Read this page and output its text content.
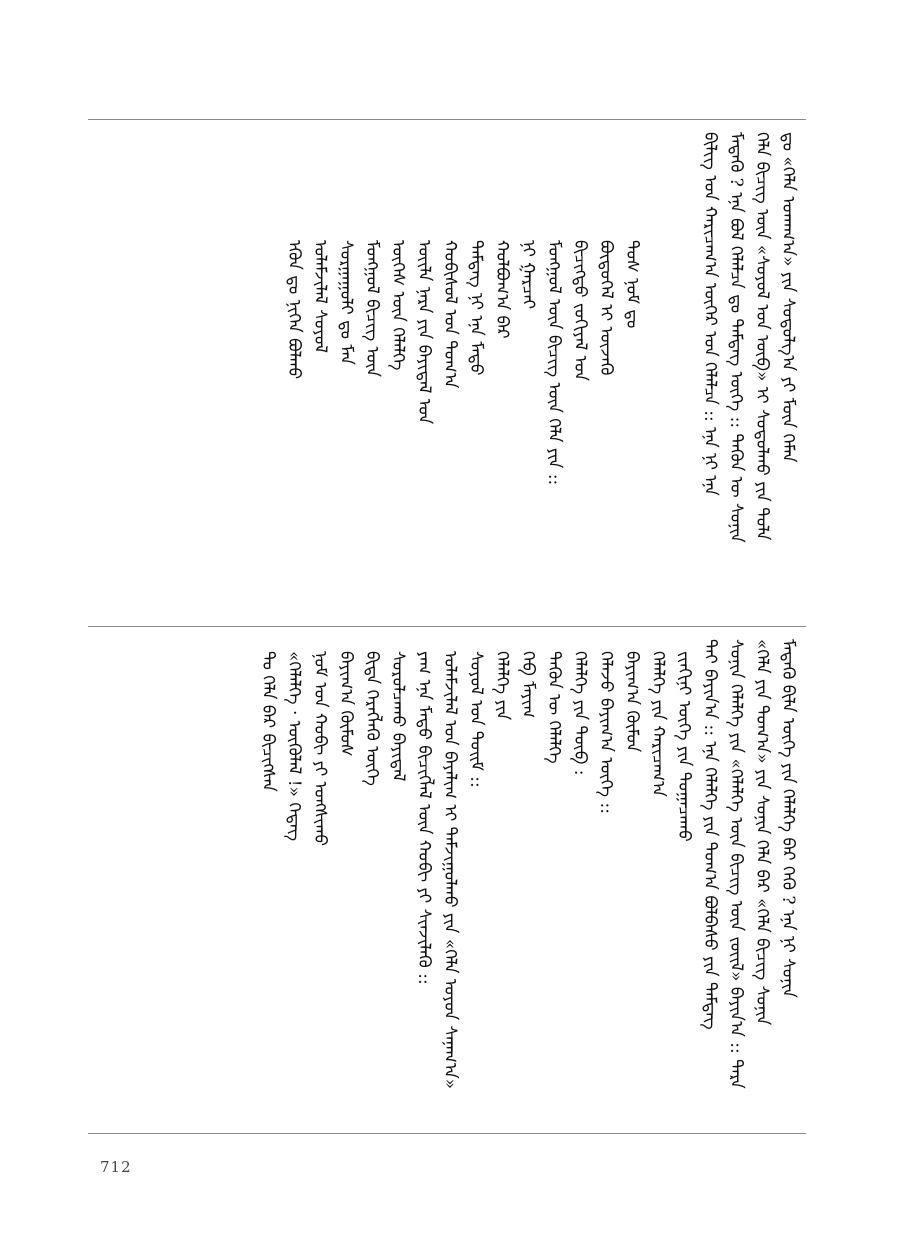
ᠡᠭᠦᠨ ᠳᠤ ᠨᠢᠭᠡᠨ ᠪᠣᠯᠬᠤ ᠤᠯᠠᠮᠵᠢᠯᠠᠯ ᠰᠣᠶᠣᠯ ᠰᠤᠷᠭᠠᠭᠤᠯᠢ ᠳᠤ ᠮᠠᠨ ᠮᠣᠩᠭᠣᠯ ᠪᠢᠴᠢᠭ ᠦᠨ ᠦᠭᠡᠰ ᠦᠨ ᠬᠡᠯᠡᠯᠭᠡ ᠦᠢᠯᠡ ᠨᠡᠷᠡ ᠶᠢᠨ ᠪᠠᠶᠢᠳᠠᠯ ᠤᠨ ᠬᠤᠪᠢᠰᠤᠯ ᠤᠨ ᠲᠣᠭ᠎ᠠ ᠲᠡᠮᠳᠡᠭ ᠨᠢ ᠡᠨᠡ ᠮᠡᠲᠦ ᠬᠣᠯᠪᠣᠭ᠎ᠠ ᠪᠠᠷ ᠨᠢ ᠭᠠᠷᠴᠠᠢ ᠮᠣᠩᠭᠣᠯ ᠦᠨ ᠪᠢᠴᠢᠭ ᠦᠨ ᠬᠡᠯᠡ ᠶᠢᠨ :: ᠪᠢᠴᠢᠭᠲᠦ ᠵᠣᠬᠢᠶᠠᠯ ᠤᠨ ᠪᠦᠲᠦᠭᠡᠯ ᠢ ᠦᠵᠡᠬᠦ ᠲᠤᠰ ᠨᠣᠮ ᠳᠤ	ᠪᠢᠯᠢᠭ ᠤᠨ ᠬᠠᠷᠢᠴᠠᠭ᠎ᠠ ᠦᠬᠡᠷ ᠤᠨ ᠬᠡᠯᠡᠯᠴᠡ :: ᠡᠨᠡ ᠨᠢ ᠡᠨᠡ ᠮᠡᠳᠡᠬᠦ ? ᠡᠨᠡ ᠪᠣᠯ ᠬᠡᠯᠡᠯᠴᠡ ᠳᠤ ᠲᠡᠮᠳᠡᠭ ᠦᠭᠡ :: ᠲᠡᠭᠦᠨ ᠦ ᠰᠣᠨᠢᠨ ᠬᠡᠯᠡ ᠪᠢᠴᠢᠭ ᠦᠨ «ᠰᠣᠶᠣᠯ ᠤᠨ ᠦᠪ» ᠢ ᠰᠤᠳᠤᠯᠬᠤ ᠶᠢᠨ ᠲᠤᠯᠠ ᠳᠤ «ᠬᠡᠯᠡ ᠤᠬᠠᠭ᠎ᠠ» ᠶᠢᠨ ᠰᠤᠳᠤᠯᠭ᠎ᠠ ᠶᠢ ᠮᠦᠨ ᠬᠡᠮᠡᠨ
ᠲᠤ ᠬᠡᠯᠡ ᠪᠠᠷ ᠪᠢᠴᠢᠭᠰᠡᠨ «ᠬᠡᠯᠡᠯᠭᠡ · ᠦᠭᠦᠯᠡᠯ !» ᠭᠡᠳᠡᠭ ᠨᠣᠮ ᠤᠨ ᠬᠤᠪᠢ ᠶᠢ ᠤᠩᠰᠢᠬᠤ ᠪᠠᠶᠢᠭ᠎ᠠ ᠬᠦᠮᠦᠰ ᠪᠢᠳᠡ ᠬᠡᠷᠡᠭᠯᠡᠬᠦ ᠦᠭᠡ ᠰᠤᠷᠤᠯᠴᠠᠬᠤ ᠪᠠᠶᠢᠳᠠᠯ ᠶᠠᠭ ᠡᠨᠡ ᠮᠡᠲᠦ ᠪᠢᠴᠢᠭᠯᠡᠯ ᠦᠨ ᠬᠤᠪᠢ ᠶᠢ ᠰᠢᠨᠵᠢᠯᠡᠬᠦ :: ᠤᠯᠠᠮᠵᠢᠯᠠᠯ ᠤᠨ ᠪᠠᠶᠠᠯᠢᠭ ᠢ ᠳᠠᠮᠵᠢᠭᠤᠯᠬᠤ ᠶᠢᠨ «ᠬᠡᠯᠡ ᠣᠶᠤᠨ ᠰᠠᠨᠠᠭ᠎ᠠ» ᠰᠣᠶᠣᠯ ᠤᠨ ᠲᠣᠢᠮ :: ᠬᠡᠯᠡᠯᠭᠡ ᠶᠢᠨ ᠬᠡᠪ ᠮᠠᠶᠢᠭ ᠲᠡᠭᠦᠨ ᠦ ᠬᠡᠯᠡᠯᠭᠡ ᠬᠡᠯᠡᠯᠭᠡ ᠶᠢᠨ ᠲᠦᠪ : ᠬᠡᠯᠡᠵᠦ ᠪᠠᠶᠢᠭ᠎ᠠ ᠦᠭᠡ :: ᠪᠠᠶᠢᠭ᠎ᠠ ᠬᠦᠮᠦᠨ ᠬᠡᠯᠡᠯᠭᠡ ᠶᠢᠨ ᠬᠠᠷᠢᠴᠠᠭ᠎ᠠ ᠵᠢᠨᠬᠢᠨᠢ ᠦᠭᠡ ᠶᠢᠨ ᠲᠣᠭᠠᠴᠠᠬᠤ ᠲᠠᠢ ᠪᠠᠶᠢᠨ᠎ᠠ :: ᠡᠨᠡ ᠬᠡᠯᠡᠯᠭᠡ ᠶᠢᠨ ᠲᠣᠭ᠎ᠠ ᠪᠣᠯᠪᠠᠰᠤ ᠶᠢᠨ ᠲᠡᠮᠳᠡᠭ ᠰᠣᠨᠢᠨ ᠬᠡᠯᠡᠯᠭᠡ ᠶᠢᠨ «ᠬᠡᠯᠡᠯᠭᠡ ᠦᠨ ᠪᠢᠴᠢᠭ ᠦᠨ ᠵᠦᠢᠯ» ᠪᠠᠶᠢᠨ᠎ᠠ :: ᠲᠡᠷᠡ «ᠬᠡᠯᠡ ᠶᠢᠨ ᠲᠣᠭ᠎ᠠ» ᠶᠢᠨ ᠰᠣᠨᠢᠨ ᠬᠡᠯᠡ ᠪᠠᠷ «ᠬᠡᠯᠡ ᠪᠢᠴᠢᠭ ᠰᠣᠨᠢᠨ ᠮᠡᠳᠡᠬᠦ ᠪᠢᠯᠡ ᠦᠭᠡ ᠶᠢᠨ ᠬᠡᠯᠡᠯᠭᠡ ᠪᠠᠷ ᠭᠡᠬᠦ ? ᠡᠨᠡ ᠨᠢ ᠰᠣᠨᠢᠨ
712
